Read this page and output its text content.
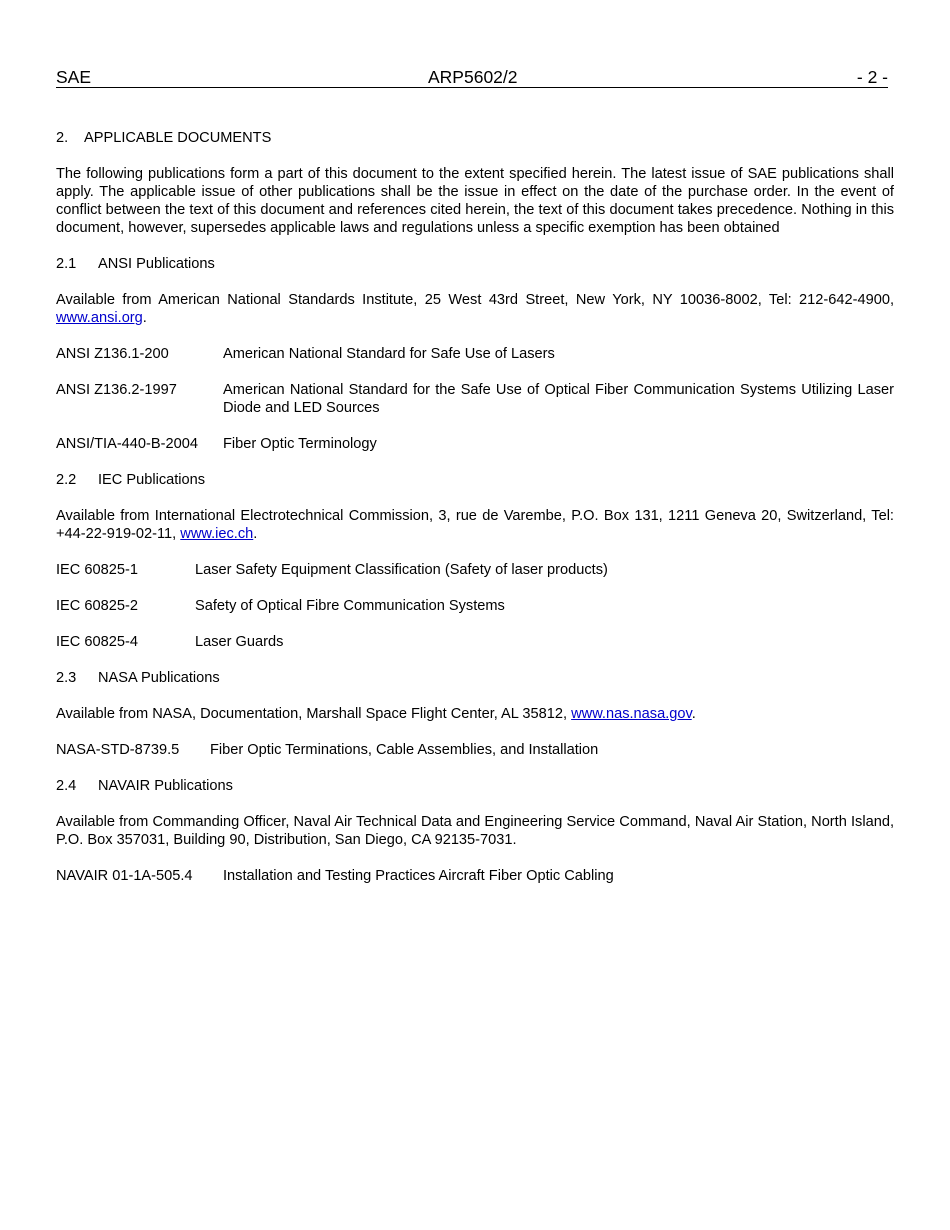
SAE	ARP5602/2	- 2 -
2. APPLICABLE DOCUMENTS
The following publications form a part of this document to the extent specified herein. The latest issue of SAE publications shall apply. The applicable issue of other publications shall be the issue in effect on the date of the purchase order. In the event of conflict between the text of this document and references cited herein, the text of this document takes precedence. Nothing in this document, however, supersedes applicable laws and regulations unless a specific exemption has been obtained
2.1 ANSI Publications
Available from American National Standards Institute, 25 West 43rd Street, New York, NY 10036-8002, Tel: 212-642-4900, www.ansi.org.
ANSI Z136.1-200	American National Standard for Safe Use of Lasers
ANSI Z136.2-1997	American National Standard for the Safe Use of Optical Fiber Communication Systems Utilizing Laser Diode and LED Sources
ANSI/TIA-440-B-2004	Fiber Optic Terminology
2.2 IEC Publications
Available from International Electrotechnical Commission, 3, rue de Varembe, P.O. Box 131, 1211 Geneva 20, Switzerland, Tel: +44-22-919-02-11, www.iec.ch.
IEC 60825-1	Laser Safety Equipment Classification (Safety of laser products)
IEC 60825-2	Safety of Optical Fibre Communication Systems
IEC 60825-4	Laser Guards
2.3 NASA Publications
Available from NASA, Documentation, Marshall Space Flight Center, AL 35812, www.nas.nasa.gov.
NASA-STD-8739.5	Fiber Optic Terminations, Cable Assemblies, and Installation
2.4 NAVAIR Publications
Available from Commanding Officer, Naval Air Technical Data and Engineering Service Command, Naval Air Station, North Island, P.O. Box 357031, Building 90, Distribution, San Diego, CA 92135-7031.
NAVAIR 01-1A-505.4	Installation and Testing Practices Aircraft Fiber Optic Cabling
